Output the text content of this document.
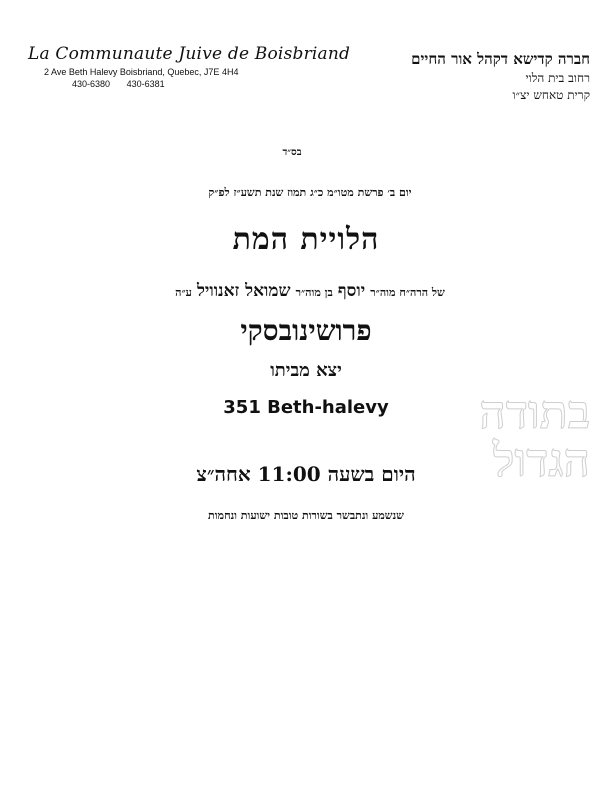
La Communaute Juive de Boisbriand
2 Ave Beth Halevy Boisbriand, Quebec, J7E 4H4
430-6380 430-6381
חברה קדישא דקהל אור החיים
רחוב בית הלוי
קרית טאחש יצ״ו
בתודה
הגדול
בס״ד
יום ב׳ פרשת מטו״מ כ״ג תמוז שנת תשע״ז לפ״ק
הלויית המת
של הרה״ח מוה״ר יוסף בן מוה״ר שמואל זאנוויל ע״ה
פרושינובסקי
יצא מביתו
351 Beth-halevy
היום בשעה 11:00 אחה״צ
שנשמע ונתבשר בשורות טובות ישועות ונחמות
